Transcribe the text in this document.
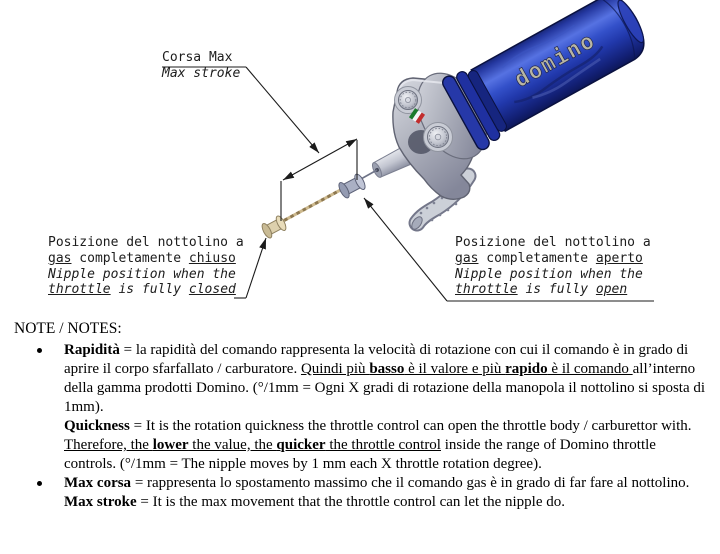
domino
Corsa Max
Max stroke
Posizione del nottolino a
gas completamente chiuso
Nipple position when the
throttle is fully closed
Posizione del nottolino a
gas completamente aperto
Nipple position when the
throttle is fully open
NOTE / NOTES:

Rapidità = la rapidità del comando rappresenta la velocità di rotazione con cui il comando è in grado di aprire il corpo sfarfallato / carburatore. Quindi più basso è il valore e più rapido è il comando all’interno della gamma prodotti Domino. (°/1mm = Ogni X gradi di rotazione della manopola il nottolino si sposta di 1mm).

Quickness = It is the rotation quickness the throttle control can open the throttle body / carburettor with. Therefore, the lower the value, the quicker the throttle control inside the range of Domino throttle controls. (°/1mm = The nipple moves by 1 mm each X throttle rotation degree).

Max corsa = rappresenta lo spostamento massimo che il comando gas è in grado di far fare al nottolino.

Max stroke = It is the max movement that the throttle control can let the nipple do.
